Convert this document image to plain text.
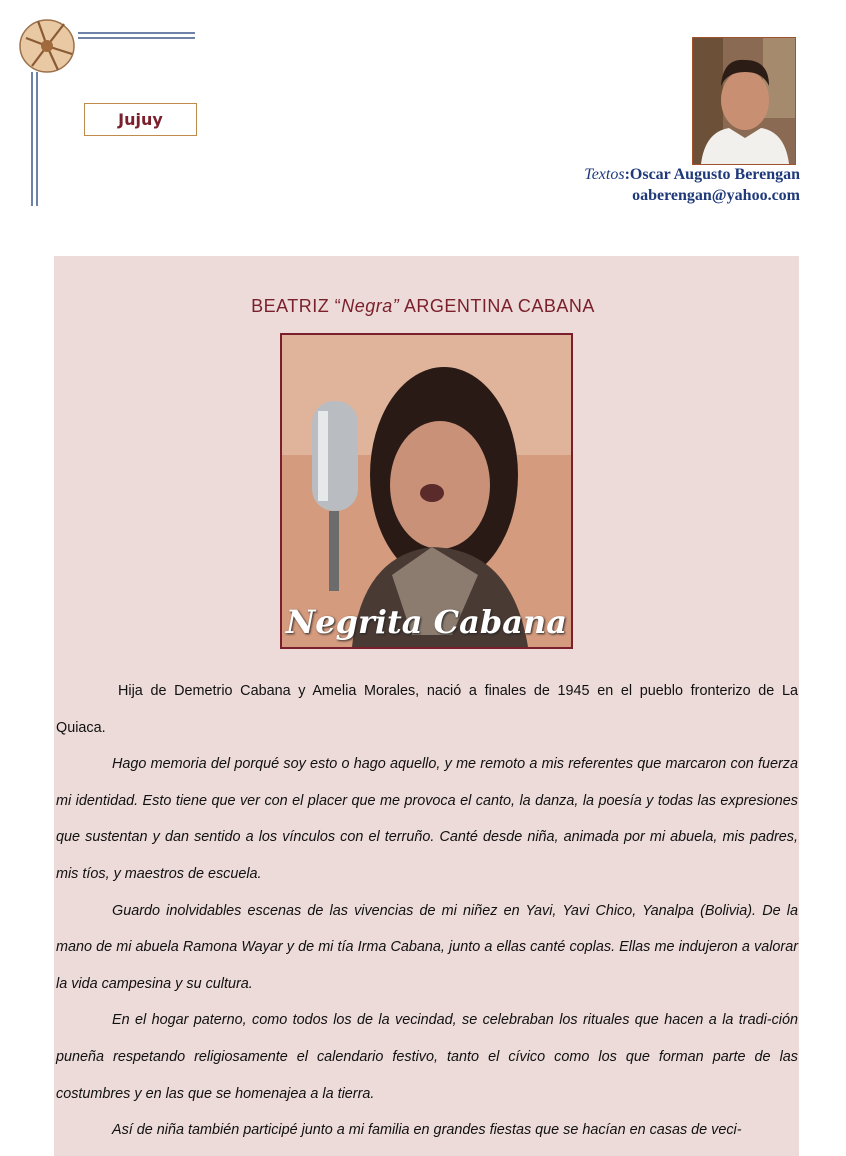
Jujuy
Textos:Oscar Augusto Berengan
oaberengan@yahoo.com
BEATRIZ “Negra” ARGENTINA CABANA
Negrita Cabana

Hija de Demetrio Cabana y Amelia Morales, nació a finales de 1945 en el pueblo fronterizo de La Quiaca.

Hago memoria del porqué soy esto o hago aquello, y me remoto a mis referentes que marcaron con fuerza mi identidad. Esto tiene que ver con el placer que me provoca el canto, la danza, la poesía y todas las expresiones que sustentan y dan sentido a los vínculos con el terruño. Canté desde niña, animada por mi abuela, mis padres, mis tíos, y maestros de escuela.

Guardo inolvidables escenas de las vivencias de mi niñez en Yavi, Yavi Chico, Yanalpa (Bolivia). De la mano de mi abuela Ramona Wayar y de mi tía Irma Cabana, junto a ellas canté coplas. Ellas me indujeron a valorar la vida campesina y su cultura.

En el hogar paterno, como todos los de la vecindad, se celebraban los rituales que hacen a la tradi-ción puneña respetando religiosamente el calendario festivo, tanto el cívico como los que forman parte de las costumbres y en las que se homenajea a la tierra.

Así de niña también participé junto a mi familia en grandes fiestas que se hacían en casas de veci-
